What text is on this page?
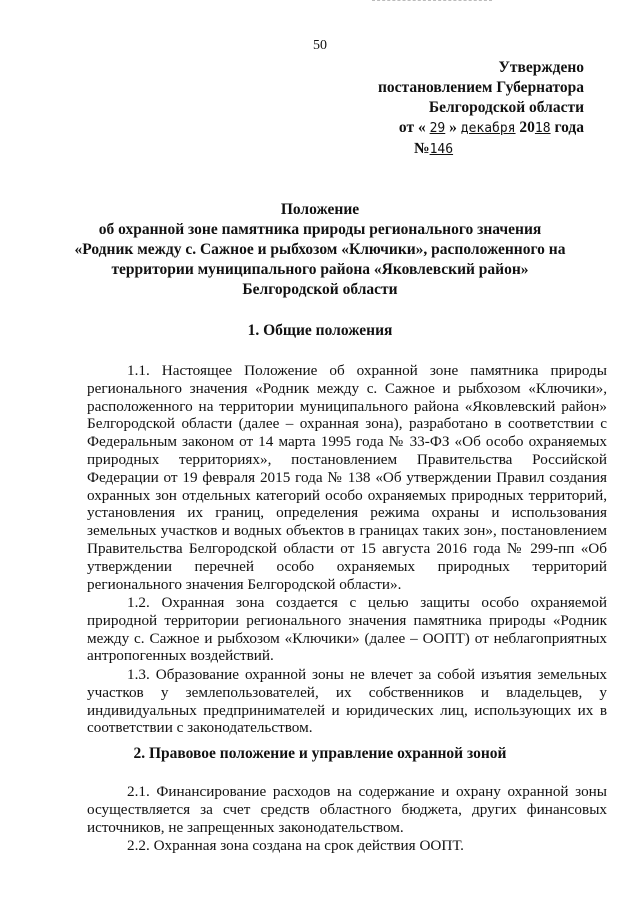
50
Утверждено
постановлением Губернатора
Белгородской области
от « 29 » декабря 2018 года
№146
Положение
об охранной зоне памятника природы регионального значения
«Родник между с. Сажное и рыбхозом «Ключики», расположенного на
территории муниципального района «Яковлевский район»
Белгородской области
1. Общие положения
1.1. Настоящее Положение об охранной зоне памятника природы регионального значения «Родник между с. Сажное и рыбхозом «Ключики», расположенного на территории муниципального района «Яковлевский район» Белгородской области (далее – охранная зона), разработано в соответствии с Федеральным законом от 14 марта 1995 года № 33-ФЗ «Об особо охраняемых природных территориях», постановлением Правительства Российской Федерации от 19 февраля 2015 года № 138 «Об утверждении Правил создания охранных зон отдельных категорий особо охраняемых природных территорий, установления их границ, определения режима охраны и использования земельных участков и водных объектов в границах таких зон», постановлением Правительства Белгородской области от 15 августа 2016 года № 299-пп «Об утверждении перечней особо охраняемых природных территорий регионального значения Белгородской области».
1.2. Охранная зона создается с целью защиты особо охраняемой природной территории регионального значения памятника природы «Родник между с. Сажное и рыбхозом «Ключики» (далее – ООПТ) от неблагоприятных антропогенных воздействий.
1.3. Образование охранной зоны не влечет за собой изъятия земельных участков у землепользователей, их собственников и владельцев, у индивидуальных предпринимателей и юридических лиц, использующих их в соответствии с законодательством.
2. Правовое положение и управление охранной зоной
2.1. Финансирование расходов на содержание и охрану охранной зоны осуществляется за счет средств областного бюджета, других финансовых источников, не запрещенных законодательством.
2.2. Охранная зона создана на срок действия ООПТ.
